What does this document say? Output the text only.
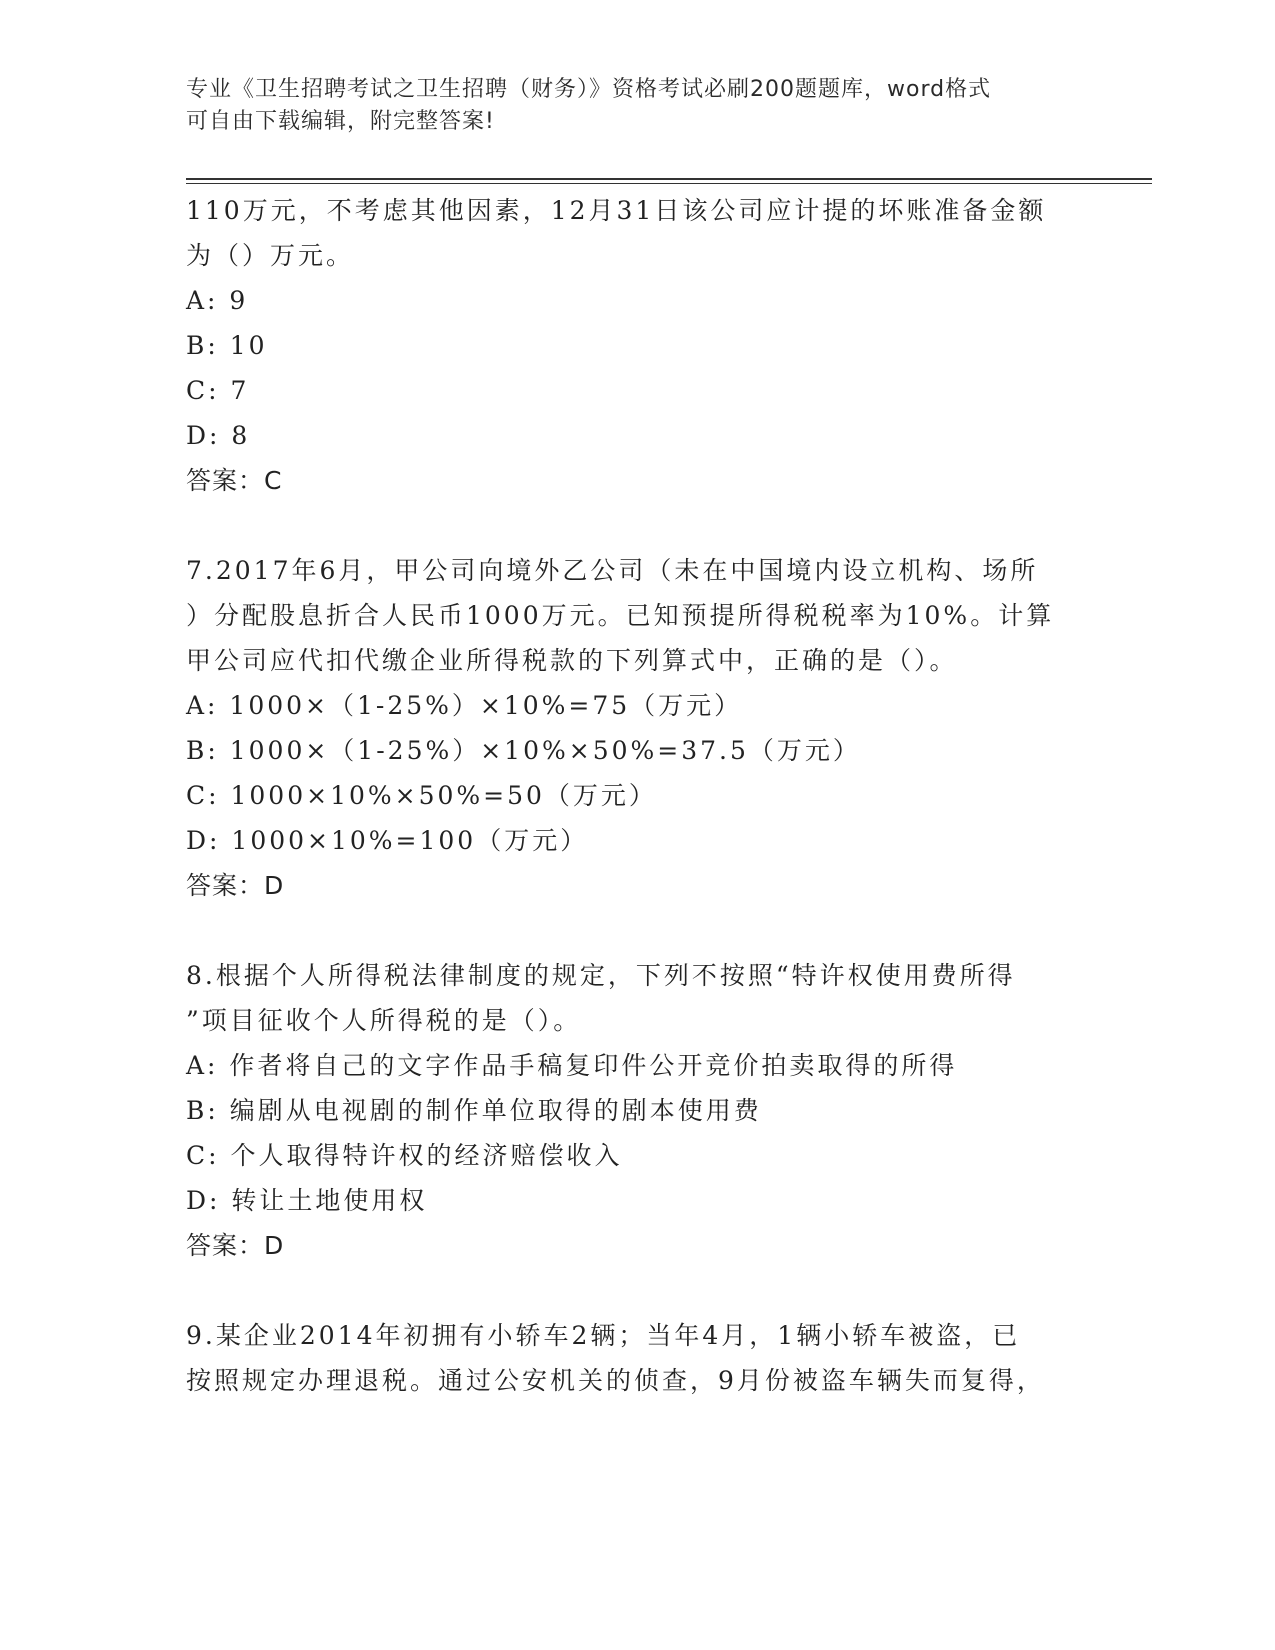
专业《卫生招聘考试之卫生招聘（财务）》资格考试必刷200题题库，word格式
可自由下载编辑，附完整答案!
110万元，不考虑其他因素，12月31日该公司应计提的坏账准备金额
为（）万元。
A: 9
B: 10
C: 7
D: 8
答案：C
7.2017年6月，甲公司向境外乙公司（未在中国境内设立机构、场所
）分配股息折合人民币1000万元。已知预提所得税税率为10%。计算
甲公司应代扣代缴企业所得税款的下列算式中，正确的是（）。
A: 1000×（1-25%）×10%=75（万元）
B: 1000×（1-25%）×10%×50%=37.5（万元）
C: 1000×10%×50%=50（万元）
D: 1000×10%=100（万元）
答案：D
8.根据个人所得税法律制度的规定，下列不按照“特许权使用费所得
”项目征收个人所得税的是（）。
A: 作者将自己的文字作品手稿复印件公开竞价拍卖取得的所得
B: 编剧从电视剧的制作单位取得的剧本使用费
C: 个人取得特许权的经济赔偿收入
D: 转让土地使用权
答案：D
9.某企业2014年初拥有小轿车2辆；当年4月，1辆小轿车被盗，已
按照规定办理退税。通过公安机关的侦查，9月份被盗车辆失而复得，
